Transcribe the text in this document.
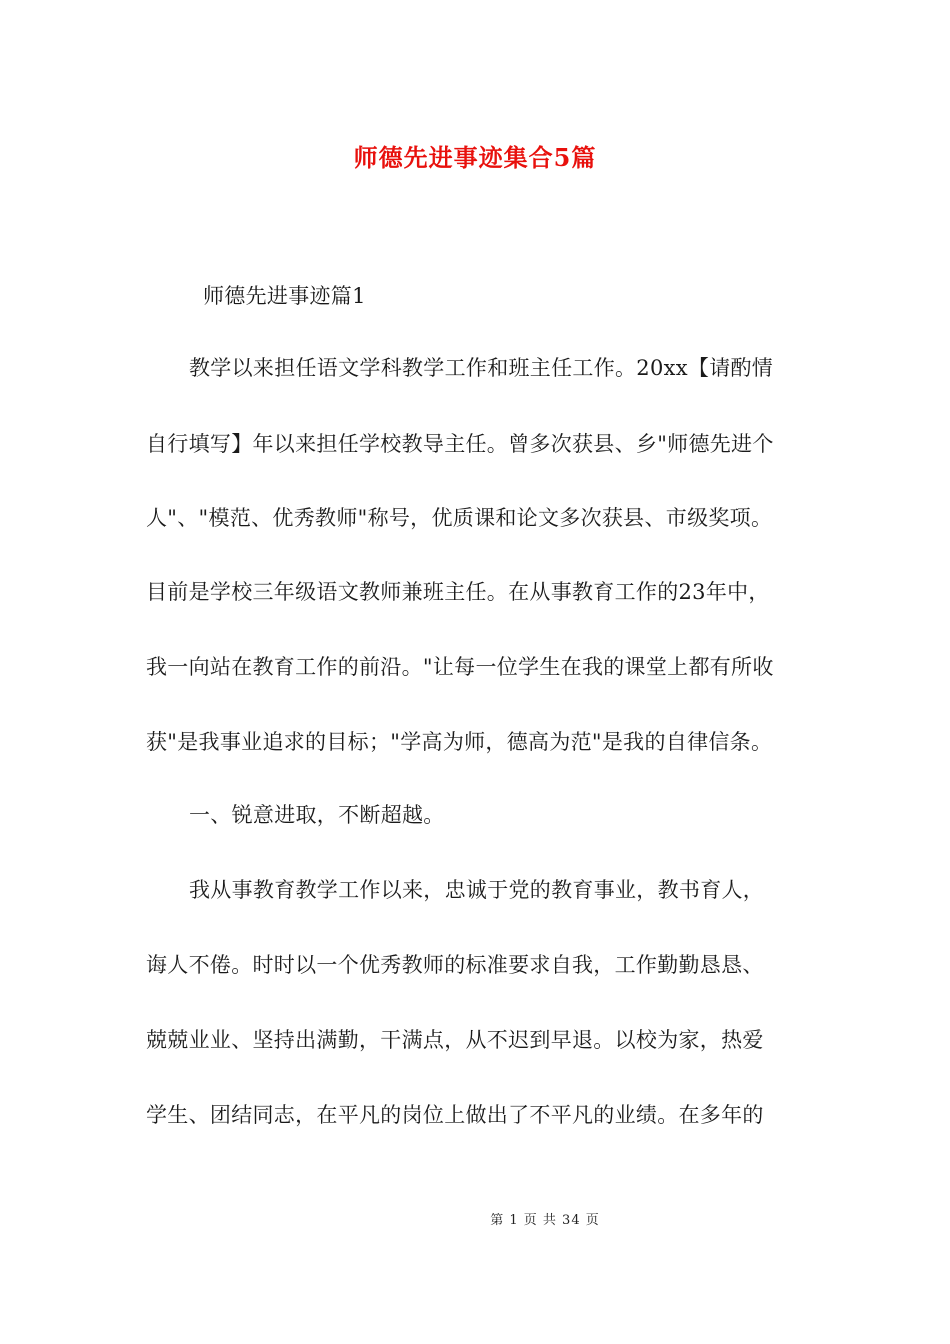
师德先进事迹集合5篇
师德先进事迹篇1
教学以来担任语文学科教学工作和班主任工作。20xx【请酌情
自行填写】年以来担任学校教导主任。曾多次获县、乡"师德先进个
人"、"模范、优秀教师"称号，优质课和论文多次获县、市级奖项。
目前是学校三年级语文教师兼班主任。在从事教育工作的23年中，
我一向站在教育工作的前沿。"让每一位学生在我的课堂上都有所收
获"是我事业追求的目标；"学高为师，德高为范"是我的自律信条。
一、锐意进取，不断超越。
我从事教育教学工作以来，忠诚于党的教育事业，教书育人，
诲人不倦。时时以一个优秀教师的标准要求自我，工作勤勤恳恳、
兢兢业业、坚持出满勤，干满点，从不迟到早退。以校为家，热爱
学生、团结同志，在平凡的岗位上做出了不平凡的业绩。在多年的
第 1 页 共 34 页
